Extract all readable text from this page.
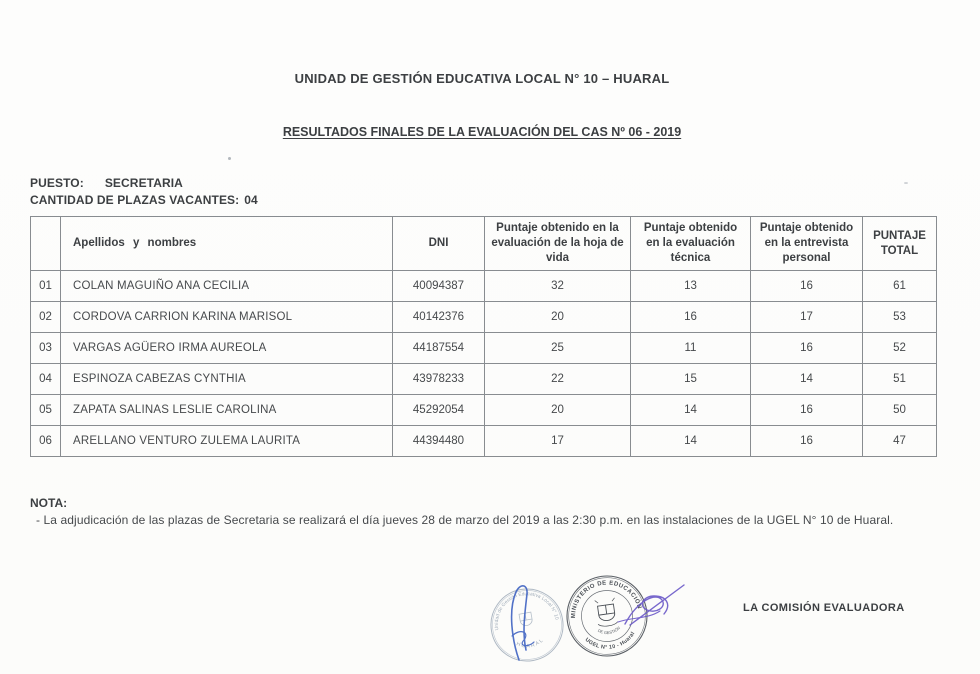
UNIDAD DE GESTIÓN EDUCATIVA LOCAL N° 10 – HUARAL
RESULTADOS FINALES DE LA EVALUACIÓN DEL CAS Nº 06 - 2019
PUESTO: SECRETARIA
CANTIDAD DE PLAZAS VACANTES: 04
	Apellidos y nombres	DNI	Puntaje obtenido en la evaluación de la hoja de vida	Puntaje obtenido en la evaluación técnica	Puntaje obtenido en la entrevista personal	PUNTAJE TOTAL
01	COLAN MAGUIÑO ANA CECILIA	40094387	32	13	16	61
02	CORDOVA CARRION KARINA MARISOL	40142376	20	16	17	53
03	VARGAS AGÜERO IRMA AUREOLA	44187554	25	11	16	52
04	ESPINOZA CABEZAS CYNTHIA	43978233	22	15	14	51
05	ZAPATA SALINAS LESLIE CAROLINA	45292054	20	14	16	50
06	ARELLANO VENTURO ZULEMA LAURITA	44394480	17	14	16	47
NOTA:
- La adjudicación de las plazas de Secretaria se realizará el día jueves 28 de marzo del 2019 a las 2:30 p.m. en las instalaciones de la UGEL N° 10 de Huaral.
Unidad de Gestión Educativa Local N° 10
HUARAL
MINISTERIO DE EDUCACIÓN
UGEL N° 10 - Huaral
DE GESTIÓN
LA COMISIÓN EVALUADORA
